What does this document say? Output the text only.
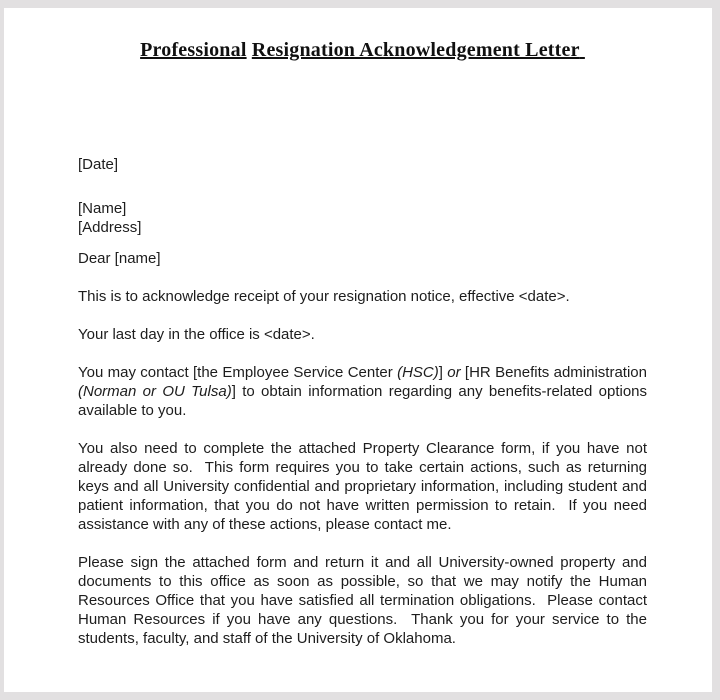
Professional Resignation Acknowledgement Letter

[Date]

[Name]
[Address]

Dear [name]

This is to acknowledge receipt of your resignation notice, effective <date>.

Your last day in the office is <date>.

You may contact [the Employee Service Center (HSC)] or [HR Benefits administration (Norman or OU Tulsa)] to obtain information regarding any benefits-related options available to you.

You also need to complete the attached Property Clearance form, if you have not already done so.  This form requires you to take certain actions, such as returning keys and all University confidential and proprietary information, including student and patient information, that you do not have written permission to retain.  If you need assistance with any of these actions, please contact me.

Please sign the attached form and return it and all University-owned property and documents to this office as soon as possible, so that we may notify the Human Resources Office that you have satisfied all termination obligations.  Please contact Human Resources if you have any questions.  Thank you for your service to the students, faculty, and staff of the University of Oklahoma.
